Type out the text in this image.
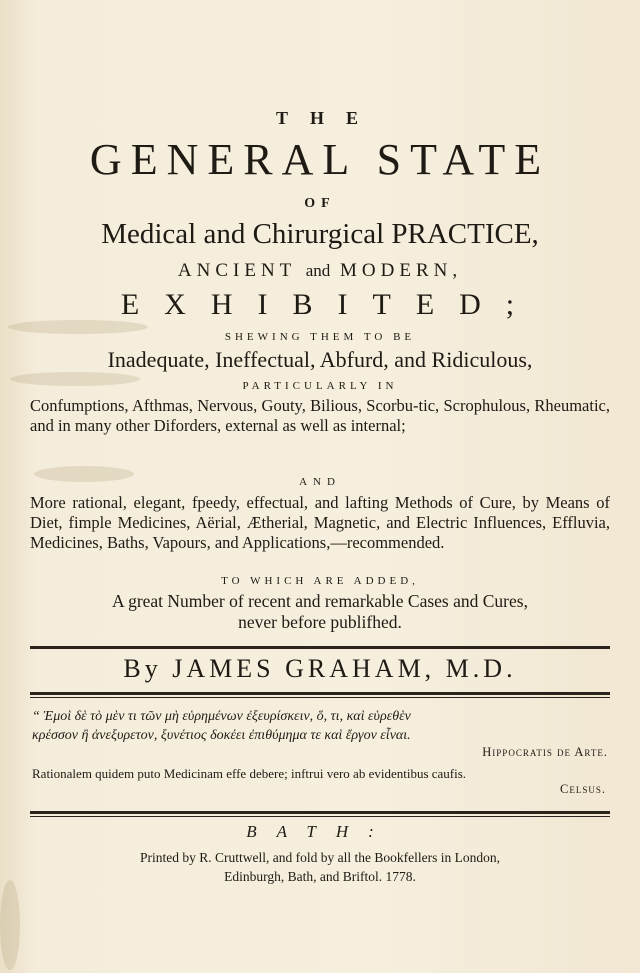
THE
GENERAL STATE
OF
Medical and Chirurgical PRACTICE,
ANCIENT and MODERN,
EXHIBITED;
SHEWING THEM TO BE
Inadequate, Ineffectual, Abfurd, and Ridiculous,
PARTICULARLY IN
Confumptions, Afthmas, Nervous, Gouty, Bilious, Scorbu-tic, Scrophulous, Rheumatic, and in many other Diforders, external as well as internal;
AND
More rational, elegant, fpeedy, effectual, and lafting Methods of Cure, by Means of Diet, fimple Medicines, Aërial, Ætherial, Magnetic, and Electric Influences, Effluvia, Medicines, Baths, Vapours, and Applications,—recommended.
TO WHICH ARE ADDED,
A great Number of recent and remarkable Cases and Cures,
never before publifhed.
By JAMES GRAHAM, M.D.
“ Ἐμοὶ δὲ τὸ μὲν τι τῶν μὴ εὑρημένων ἐξευρίσκειν, ὅ, τι, καὶ εὑρεθὲν
κρέσσον ἢ ἀνεξυρετον, ξυνέτιος δοκέει ἐπιθύμημα τε καὶ ἔργον εἶναι.
Hippocratis de Arte.
Rationalem quidem puto Medicinam effe debere; inftrui vero ab evidentibus caufis.
Celsus.
BATH:
Printed by R. Cruttwell, and fold by all the Bookfellers in London,
Edinburgh, Bath, and Briftol. 1778.
